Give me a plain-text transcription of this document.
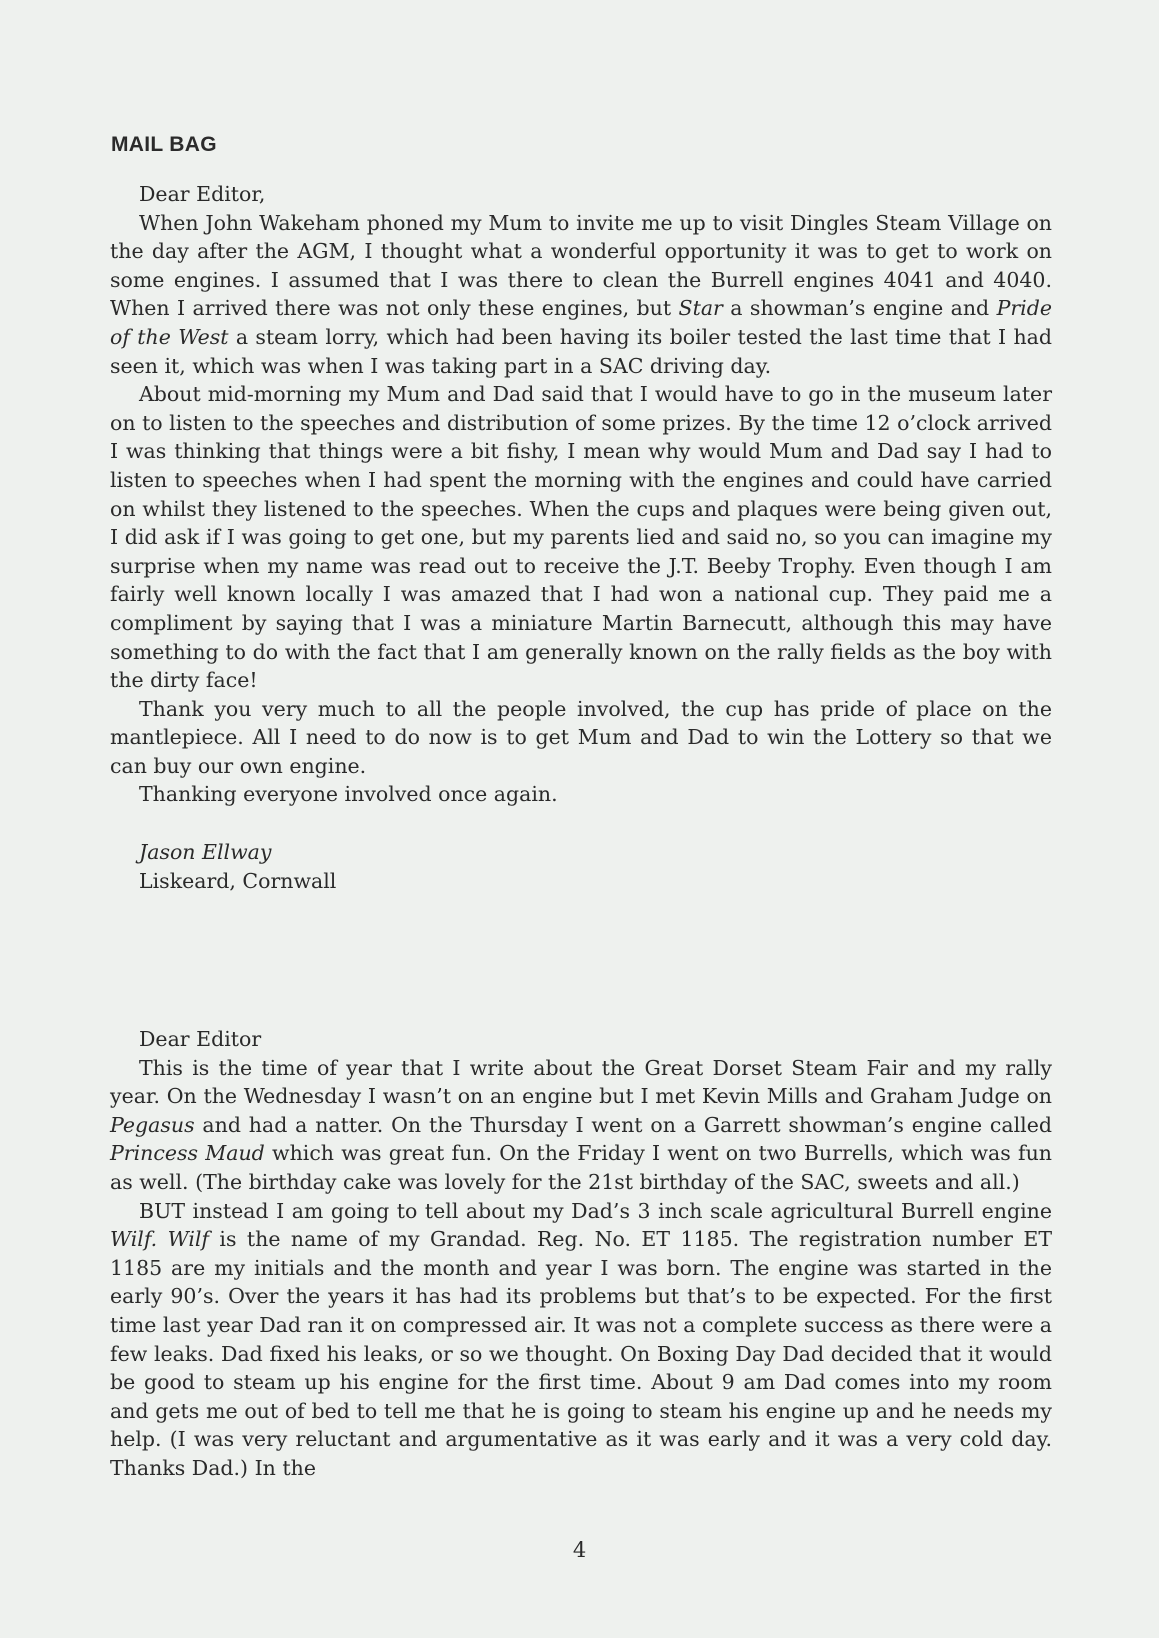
MAIL BAG

Dear Editor,

When John Wakeham phoned my Mum to invite me up to visit Dingles Steam Village on the day after the AGM, I thought what a wonderful opportunity it was to get to work on some engines. I assumed that I was there to clean the Burrell engines 4041 and 4040. When I arrived there was not only these engines, but Star a showman’s engine and Pride of the West a steam lorry, which had been having its boiler tested the last time that I had seen it, which was when I was taking part in a SAC driving day.

About mid-morning my Mum and Dad said that I would have to go in the museum later on to listen to the speeches and distribution of some prizes. By the time 12 o’clock arrived I was thinking that things were a bit fishy, I mean why would Mum and Dad say I had to listen to speeches when I had spent the morning with the engines and could have carried on whilst they listened to the speeches. When the cups and plaques were being given out, I did ask if I was going to get one, but my parents lied and said no, so you can imagine my surprise when my name was read out to receive the J.T. Beeby Trophy. Even though I am fairly well known locally I was amazed that I had won a national cup. They paid me a compliment by saying that I was a miniature Martin Barnecutt, although this may have something to do with the fact that I am generally known on the rally fields as the boy with the dirty face!

Thank you very much to all the people involved, the cup has pride of place on the mantlepiece. All I need to do now is to get Mum and Dad to win the Lottery so that we can buy our own engine.

Thanking everyone involved once again.

Jason Ellway

Liskeard, Cornwall

Dear Editor

This is the time of year that I write about the Great Dorset Steam Fair and my rally year. On the Wednesday I wasn’t on an engine but I met Kevin Mills and Graham Judge on Pegasus and had a natter. On the Thursday I went on a Garrett showman’s engine called Princess Maud which was great fun. On the Friday I went on two Burrells, which was fun as well. (The birthday cake was lovely for the 21st birthday of the SAC, sweets and all.)

BUT instead I am going to tell about my Dad’s 3 inch scale agricultural Burrell engine Wilf. Wilf is the name of my Grandad. Reg. No. ET 1185. The registration number ET 1185 are my initials and the month and year I was born. The engine was started in the early 90’s. Over the years it has had its problems but that’s to be expected. For the first time last year Dad ran it on compressed air. It was not a complete success as there were a few leaks. Dad fixed his leaks, or so we thought. On Boxing Day Dad decided that it would be good to steam up his engine for the first time. About 9 am Dad comes into my room and gets me out of bed to tell me that he is going to steam his engine up and he needs my help. (I was very reluctant and argumentative as it was early and it was a very cold day. Thanks Dad.) In the

4
